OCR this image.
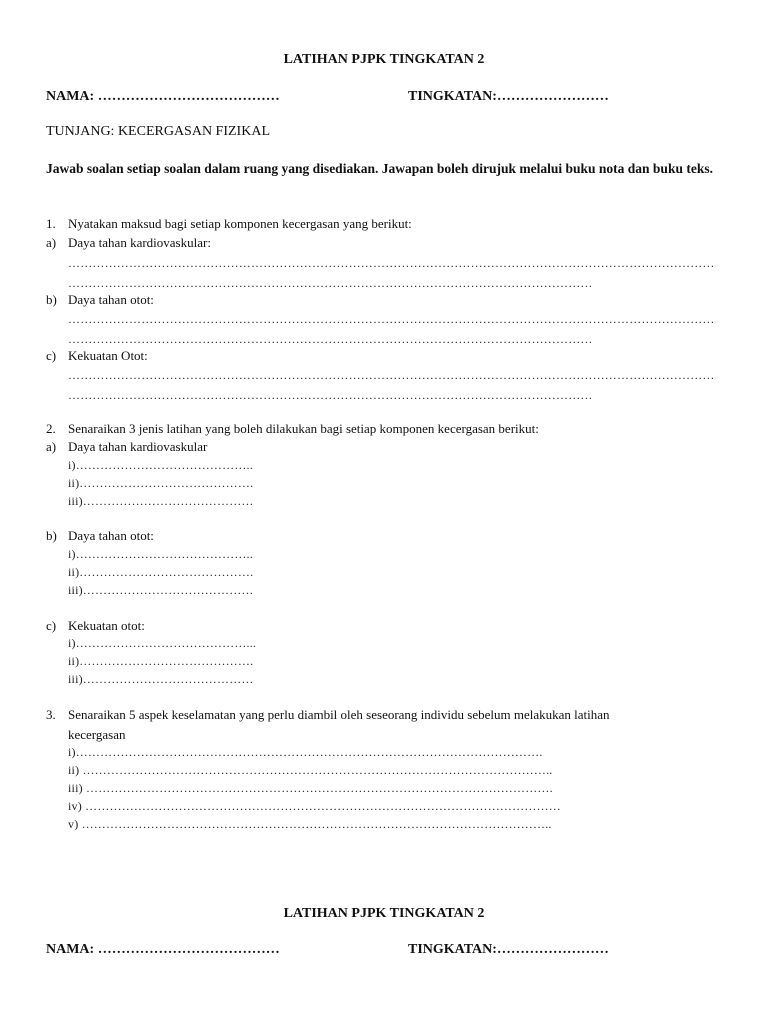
LATIHAN PJPK TINGKATAN 2
NAMA: …………………………………	TINGKATAN:……………………
TUNJANG: KECERGASAN FIZIKAL
Jawab soalan setiap soalan dalam ruang yang disediakan. Jawapan boleh dirujuk melalui buku nota dan buku teks.
1. Nyatakan maksud bagi setiap komponen kecergasan yang berikut:
a) Daya tahan kardiovaskular:
……………………………………………………………………………………………………………………………………………
…………………………………………………………………………………………………………………
b) Daya tahan otot:
……………………………………………………………………………………………………………………………………………
…………………………………………………………………………………………………………………
c) Kekuatan Otot:
……………………………………………………………………………………………………………………………………………
…………………………………………………………………………………………………………………
2. Senaraikan 3 jenis latihan yang boleh dilakukan bagi setiap komponen kecergasan berikut:
a) Daya tahan kardiovaskular
i)……………………………………..
ii)…………………………………….
iii)……………………………………
b) Daya tahan otot:
i)……………………………………..
ii)…………………………………….
iii)……………………………………
c) Kekuatan otot:
i)……………………………………...
ii)…………………………………….
iii)……………………………………
3. Senaraikan 5 aspek keselamatan yang perlu diambil oleh seseorang individu sebelum melakukan latihan
kecergasan
i)…………………………………………………………………………………………………….
ii) ……………………………………………………………………………………………………..
iii) …………………………………………………………………………………………………….
iv) ………………………………………………………………………………………………………
v) ……………………………………………………………………………………………………..
LATIHAN PJPK TINGKATAN 2
NAMA: …………………………………	TINGKATAN:……………………
